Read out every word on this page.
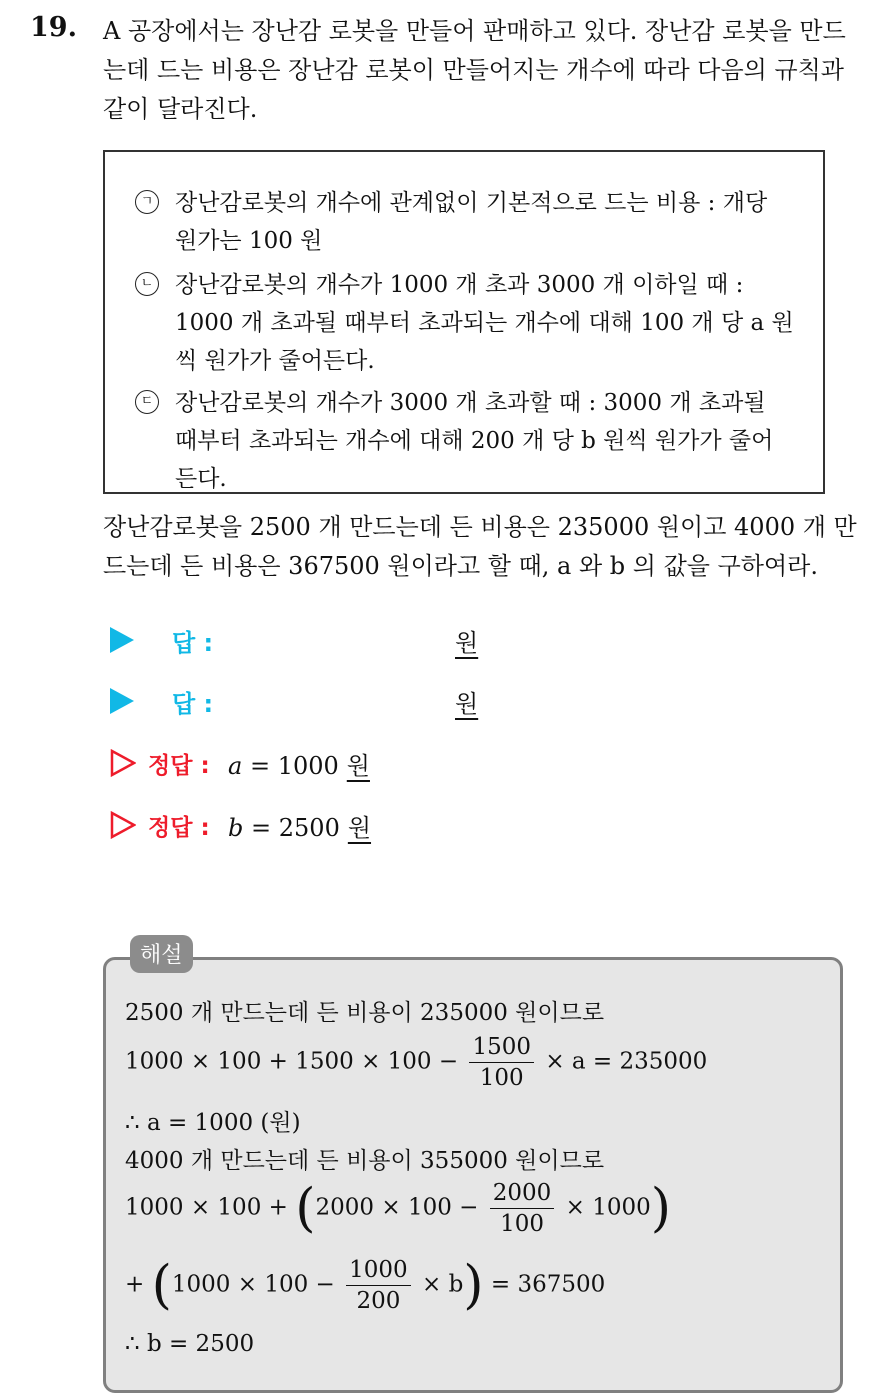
19. A 공장에서는 장난감 로봇을 만들어 판매하고 있다. 장난감 로봇을 만드는데 드는 비용은 장난감 로봇이 만들어지는 개수에 따라 다음의 규칙과 같이 달라진다.
ㄱ 장난감로봇의 개수에 관계없이 기본적으로 드는 비용 : 개당 원가는 100 원
ㄴ 장난감로봇의 개수가 1000 개 초과 3000 개 이하일 때 : 1000 개 초과될 때부터 초과되는 개수에 대해 100 개 당 a 원씩 원가가 줄어든다.
ㄷ 장난감로봇의 개수가 3000 개 초과할 때 : 3000 개 초과될 때부터 초과되는 개수에 대해 200 개 당 b 원씩 원가가 줄어든다.
장난감로봇을 2500 개 만드는데 든 비용은 235000 원이고 4000 개 만드는데 든 비용은 367500 원이라고 할 때, a 와 b 의 값을 구하여라.
답 :	원
답 :	원
정답 : a = 1000 원
정답 : b = 2500 원
해설
2500 개 만드는데 든 비용이 235000 원이므로
$1000 \times 100 + 1500 \times 100 - \frac{1500}{100} \times a = 235000$
∴ a = 1000 (원)
4000 개 만드는데 든 비용이 355000 원이므로
$1000 \times 100 + (2000 \times 100 - \frac{2000}{100} \times 1000)$
+ $(1000 \times 100 - \frac{1000}{200} \times b) = 367500$
∴ b = 2500
